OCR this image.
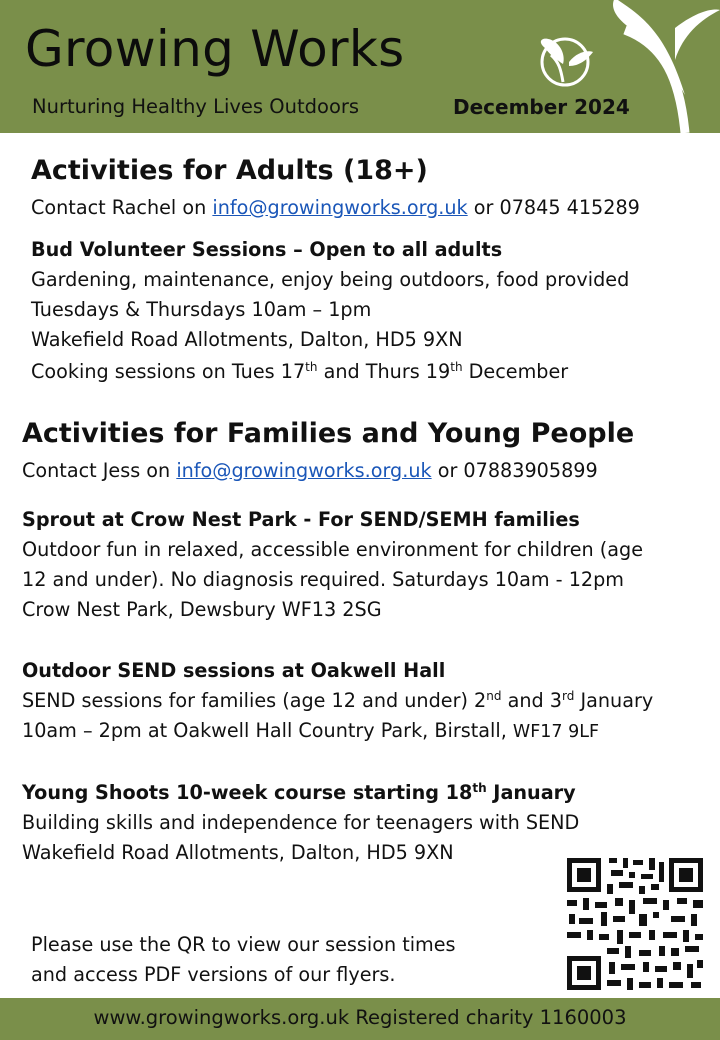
Growing Works
Nurturing Healthy Lives Outdoors	December 2024
Activities for Adults (18+)
Contact Rachel on info@growingworks.org.uk or 07845 415289
Bud Volunteer Sessions – Open to all adults
Gardening, maintenance, enjoy being outdoors, food provided
Tuesdays & Thursdays 10am – 1pm
Wakefield Road Allotments, Dalton, HD5 9XN
Cooking sessions on Tues 17th and Thurs 19th December
Activities for Families and Young People
Contact Jess on info@growingworks.org.uk or 07883905899
Sprout at Crow Nest Park - For SEND/SEMH families
Outdoor fun in relaxed, accessible environment for children (age
12 and under). No diagnosis required. Saturdays 10am - 12pm
Crow Nest Park, Dewsbury WF13 2SG
Outdoor SEND sessions at Oakwell Hall
SEND sessions for families (age 12 and under) 2nd and 3rd January
10am – 2pm at Oakwell Hall Country Park, Birstall, WF17 9LF
Young Shoots 10-week course starting 18th January
Building skills and independence for teenagers with SEND
Wakefield Road Allotments, Dalton, HD5 9XN
Please use the QR to view our session times
and access PDF versions of our flyers.
www.growingworks.org.uk Registered charity 1160003
